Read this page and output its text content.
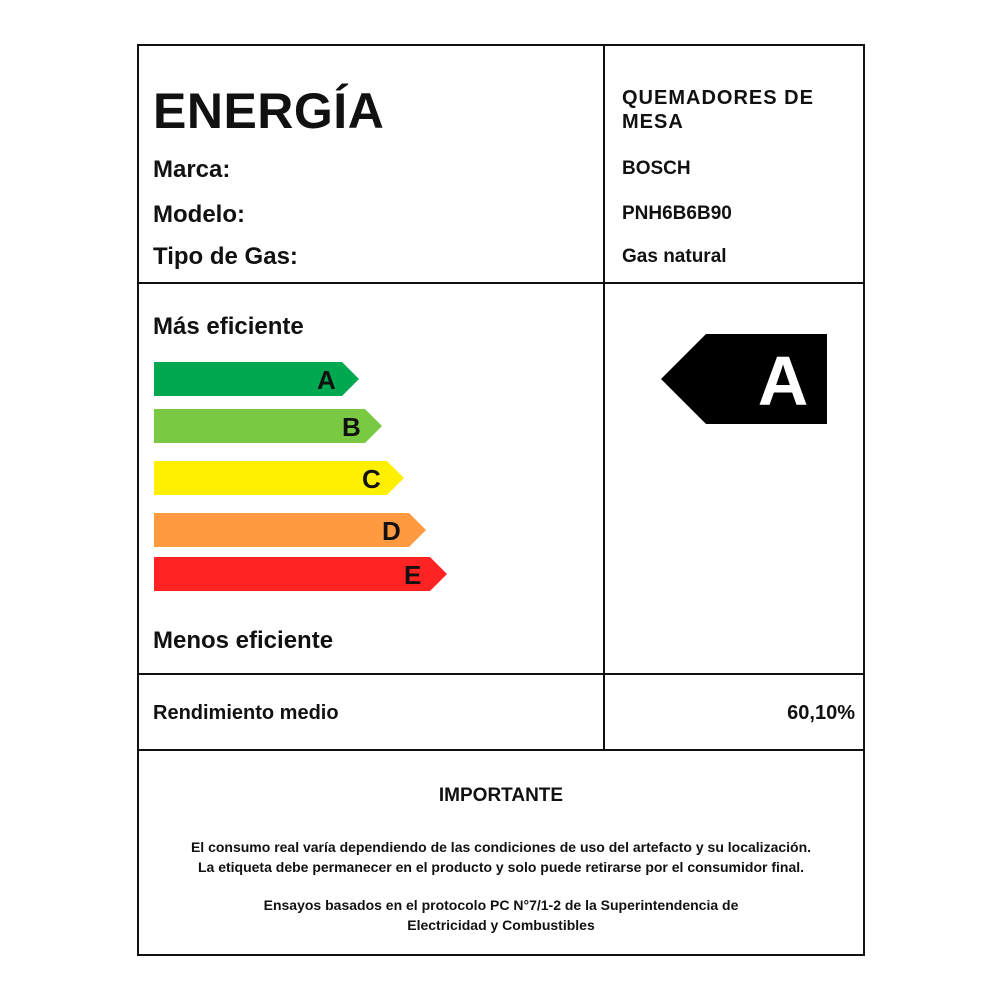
ENERGÍA	QUEMADORES DE MESA
Marca:	BOSCH
Modelo:	PNH6B6B90
Tipo de Gas:	Gas natural
Más eficiente
A
B
C
D
E
Menos eficiente
A
Rendimiento medio	60,10%
IMPORTANTE
El consumo real varía dependiendo de las condiciones de uso del artefacto y su localización.
La etiqueta debe permanecer en el producto y solo puede retirarse por el consumidor final.
Ensayos basados en el protocolo PC N°7/1-2 de la Superintendencia de
Electricidad y Combustibles
